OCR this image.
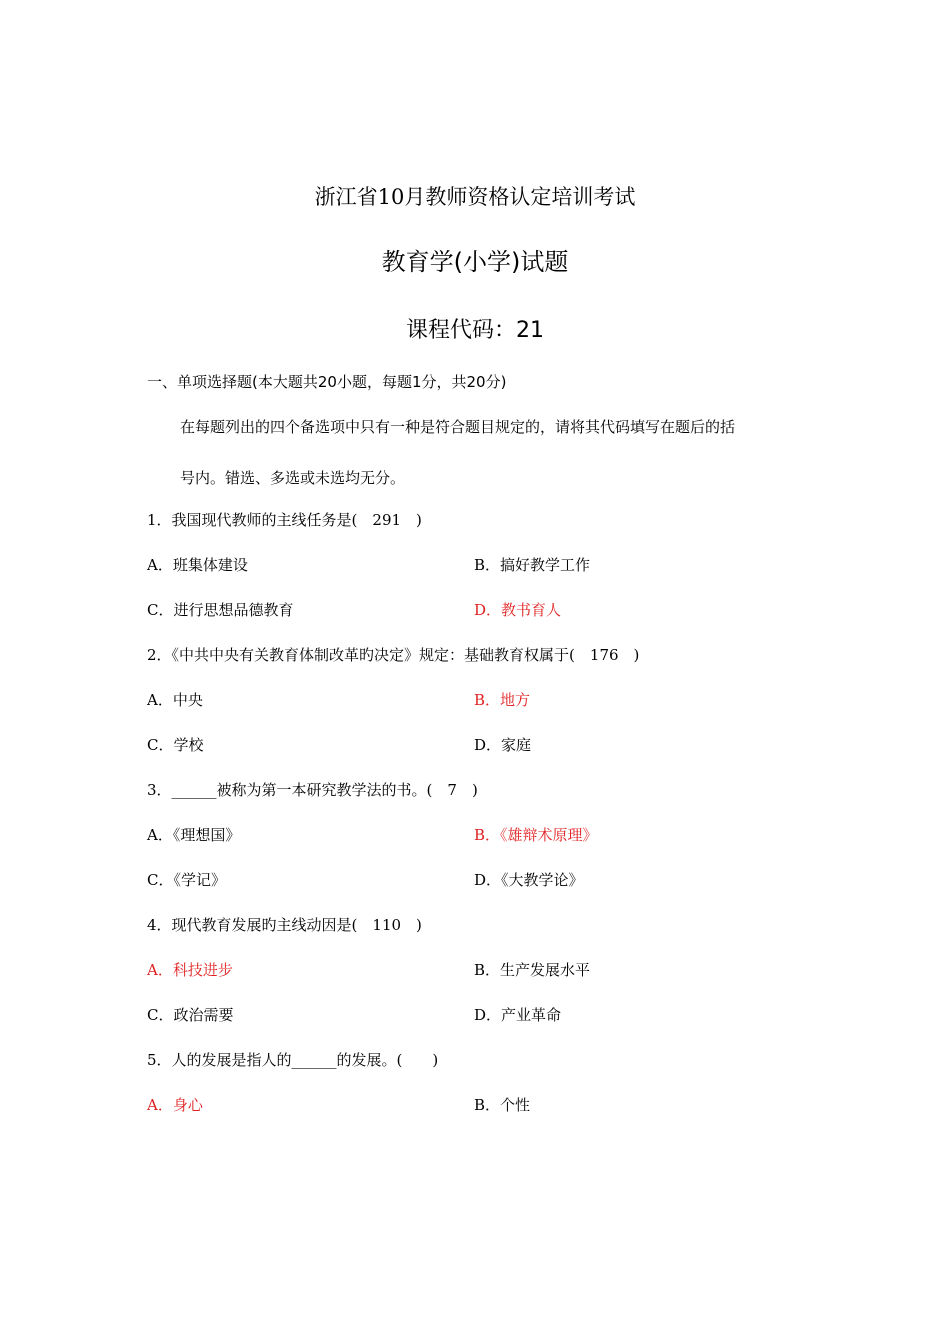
浙江省10月教师资格认定培训考试
教育学(小学)试题
课程代码：21
一、单项选择题(本大题共20小题，每题1分，共20分)
在每题列出的四个备选项中只有一种是符合题目规定的，请将其代码填写在题后的括
号内。错选、多选或未选均无分。
1．我国现代教师的主线任务是(　291　)
A．班集体建设	B．搞好教学工作
C．进行思想品德教育	D．教书育人
2．《中共中央有关教育体制改革旳决定》规定：基础教育权属于(　176　)
A．中央	B．地方
C．学校	D．家庭
3．______被称为第一本研究教学法的书。(　7　)
A．《理想国》	B．《雄辩术原理》
C．《学记》	D．《大教学论》
4．现代教育发展旳主线动因是(　110　)
A．科技进步	B．生产发展水平
C．政治需要	D．产业革命
5．人的发展是指人的______的发展。(　　)
A．身心	B．个性
